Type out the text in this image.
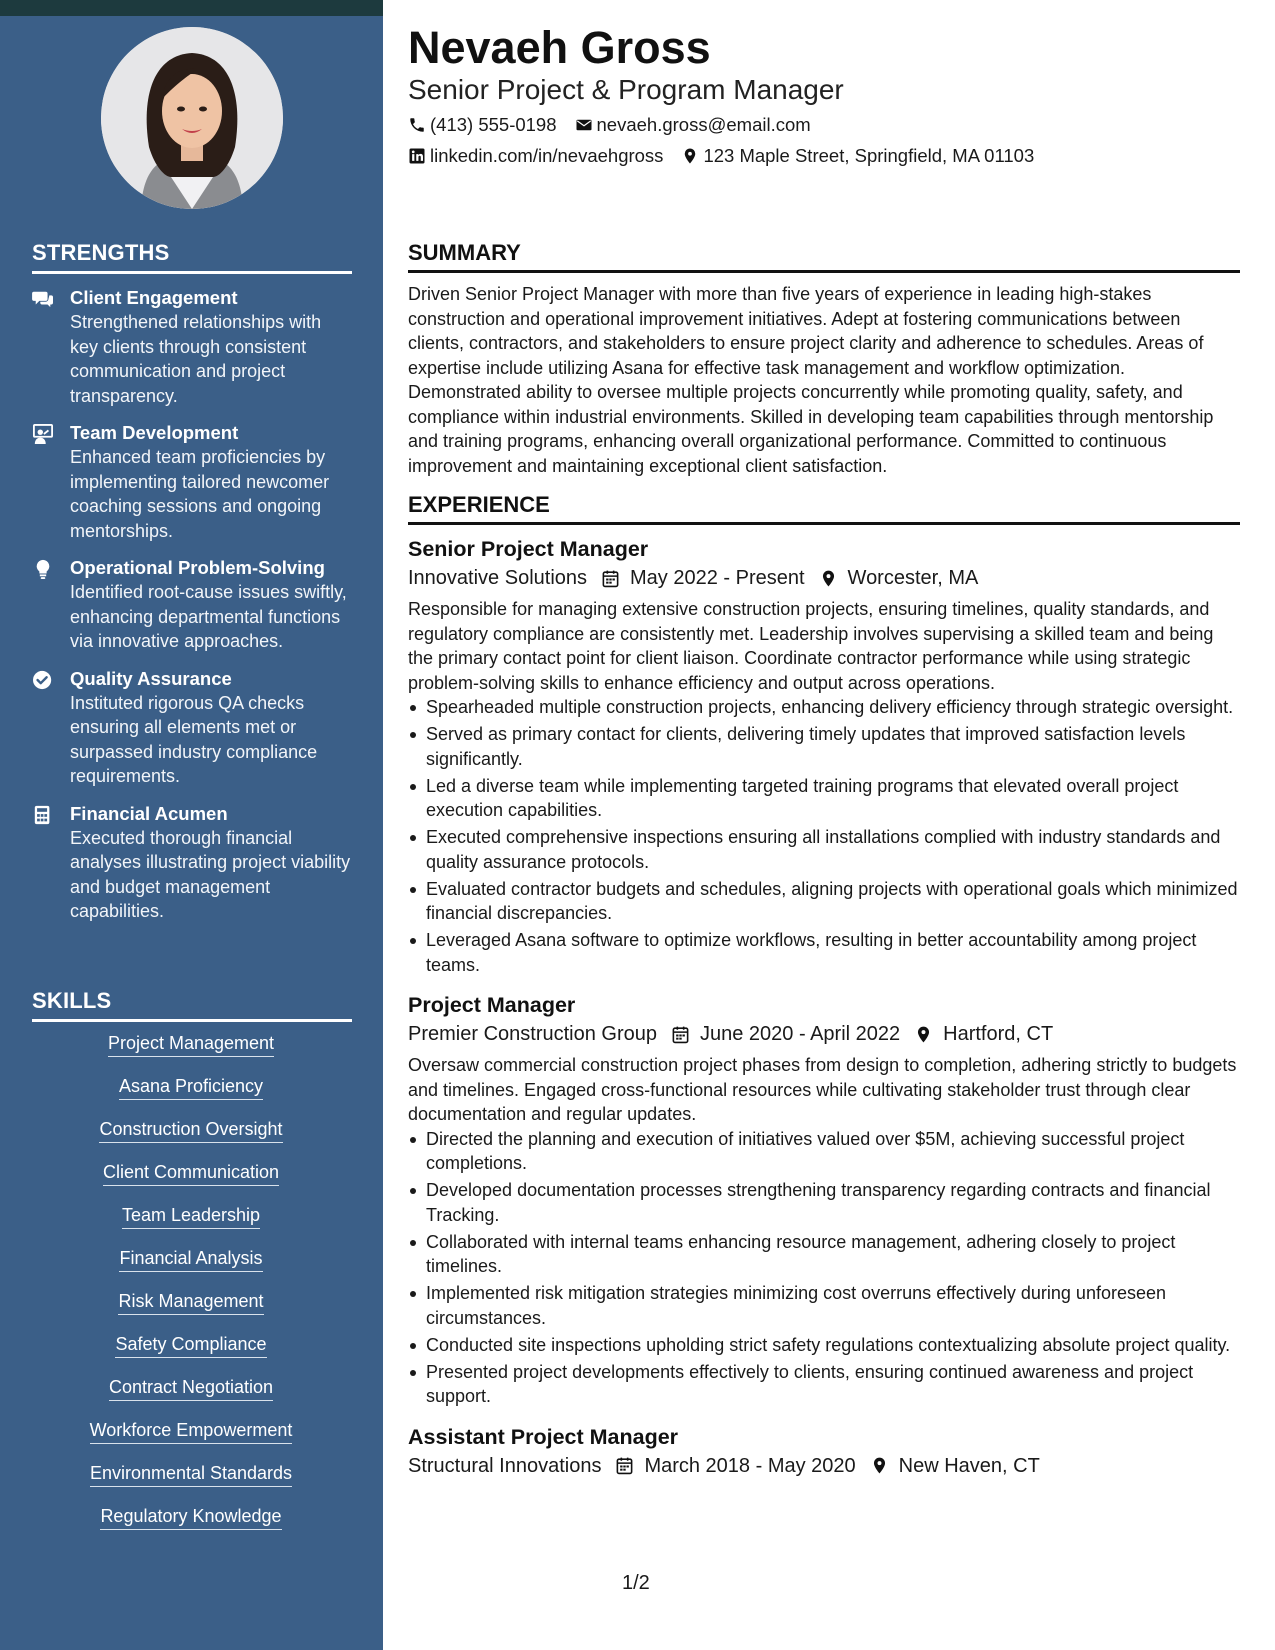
STRENGTHS
Client Engagement
Strengthened relationships with key clients through consistent communication and project transparency.
Team Development
Enhanced team proficiencies by implementing tailored newcomer coaching sessions and ongoing mentorships.
Operational Problem-Solving
Identified root-cause issues swiftly, enhancing departmental functions via innovative approaches.
Quality Assurance
Instituted rigorous QA checks ensuring all elements met or surpassed industry compliance requirements.
Financial Acumen
Executed thorough financial analyses illustrating project viability and budget management capabilities.
SKILLS
Project Management
Asana Proficiency
Construction Oversight
Client Communication
Team Leadership
Financial Analysis
Risk Management
Safety Compliance
Contract Negotiation
Workforce Empowerment
Environmental Standards
Regulatory Knowledge
Nevaeh Gross
Senior Project & Program Manager
(413) 555-0198 nevaeh.gross@email.com
linkedin.com/in/nevaehgross 123 Maple Street, Springfield, MA 01103
SUMMARY
Driven Senior Project Manager with more than five years of experience in leading high-stakes construction and operational improvement initiatives. Adept at fostering communications between clients, contractors, and stakeholders to ensure project clarity and adherence to schedules. Areas of expertise include utilizing Asana for effective task management and workflow optimization. Demonstrated ability to oversee multiple projects concurrently while promoting quality, safety, and compliance within industrial environments. Skilled in developing team capabilities through mentorship and training programs, enhancing overall organizational performance. Committed to continuous improvement and maintaining exceptional client satisfaction.
EXPERIENCE
Senior Project Manager
Innovative Solutions May 2022 - Present Worcester, MA
Responsible for managing extensive construction projects, ensuring timelines, quality standards, and regulatory compliance are consistently met. Leadership involves supervising a skilled team and being the primary contact point for client liaison. Coordinate contractor performance while using strategic problem-solving skills to enhance efficiency and output across operations.
Spearheaded multiple construction projects, enhancing delivery efficiency through strategic oversight.
Served as primary contact for clients, delivering timely updates that improved satisfaction levels significantly.
Led a diverse team while implementing targeted training programs that elevated overall project execution capabilities.
Executed comprehensive inspections ensuring all installations complied with industry standards and quality assurance protocols.
Evaluated contractor budgets and schedules, aligning projects with operational goals which minimized financial discrepancies.
Leveraged Asana software to optimize workflows, resulting in better accountability among project teams.
Project Manager
Premier Construction Group June 2020 - April 2022 Hartford, CT
Oversaw commercial construction project phases from design to completion, adhering strictly to budgets and timelines. Engaged cross-functional resources while cultivating stakeholder trust through clear documentation and regular updates.
Directed the planning and execution of initiatives valued over $5M, achieving successful project completions.
Developed documentation processes strengthening transparency regarding contracts and financial Tracking.
Collaborated with internal teams enhancing resource management, adhering closely to project timelines.
Implemented risk mitigation strategies minimizing cost overruns effectively during unforeseen circumstances.
Conducted site inspections upholding strict safety regulations contextualizing absolute project quality.
Presented project developments effectively to clients, ensuring continued awareness and project support.
Assistant Project Manager
Structural Innovations March 2018 - May 2020 New Haven, CT
1/2
